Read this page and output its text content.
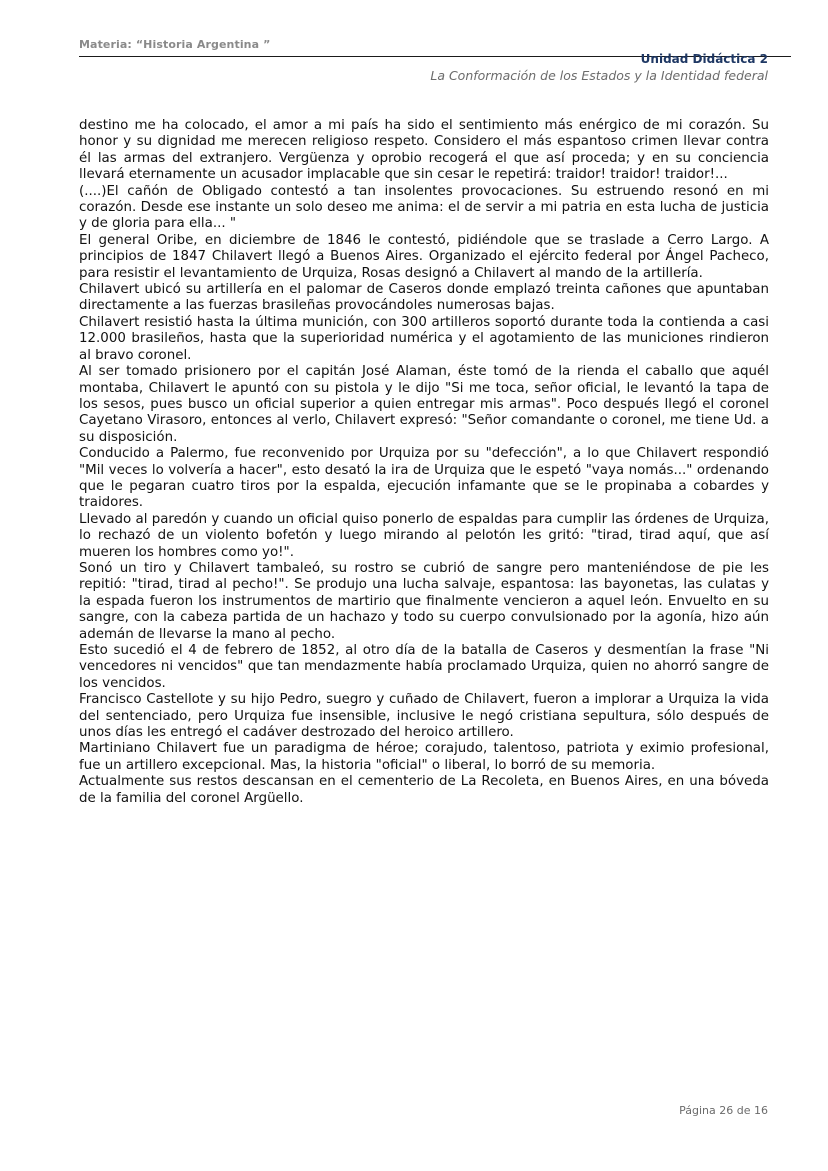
Materia: “Historia Argentina ”
Unidad Didáctica 2
La Conformación de los Estados y la Identidad federal

destino me ha colocado, el amor a mi país ha sido el sentimiento más enérgico de mi corazón. Su honor y su dignidad me merecen religioso respeto. Considero el más espantoso crimen llevar contra él las armas del extranjero. Vergüenza y oprobio recogerá el que así proceda; y en su conciencia llevará eternamente un acusador implacable que sin cesar le repetirá: traidor! traidor! traidor!...

(....)El cañón de Obligado contestó a tan insolentes provocaciones. Su estruendo resonó en mi corazón. Desde ese instante un solo deseo me anima: el de servir a mi patria en esta lucha de justicia y de gloria para ella... "

El general Oribe, en diciembre de 1846 le contestó, pidiéndole que se traslade a Cerro Largo. A principios de 1847 Chilavert llegó a Buenos Aires. Organizado el ejército federal por Ángel Pacheco, para resistir el levantamiento de Urquiza, Rosas designó a Chilavert al mando de la artillería.

Chilavert ubicó su artillería en el palomar de Caseros donde emplazó treinta cañones que apuntaban directamente a las fuerzas brasileñas provocándoles numerosas bajas.

Chilavert resistió hasta la última munición, con 300 artilleros soportó durante toda la contienda a casi 12.000 brasileños, hasta que la superioridad numérica y el agotamiento de las municiones rindieron al bravo coronel.

Al ser tomado prisionero por el capitán José Alaman, éste tomó de la rienda el caballo que aquél montaba, Chilavert le apuntó con su pistola y le dijo "Si me toca, señor oficial, le levantó la tapa de los sesos, pues busco un oficial superior a quien entregar mis armas". Poco después llegó el coronel Cayetano Virasoro, entonces al verlo, Chilavert expresó: "Señor comandante o coronel, me tiene Ud. a su disposición.

Conducido a Palermo, fue reconvenido por Urquiza por su "defección", a lo que Chilavert respondió "Mil veces lo volvería a hacer", esto desató la ira de Urquiza que le espetó "vaya nomás..." ordenando que le pegaran cuatro tiros por la espalda, ejecución infamante que se le propinaba a cobardes y traidores.

Llevado al paredón y cuando un oficial quiso ponerlo de espaldas para cumplir las órdenes de Urquiza, lo rechazó de un violento bofetón y luego mirando al pelotón les gritó: "tirad, tirad aquí, que así mueren los hombres como yo!".

Sonó un tiro y Chilavert tambaleó, su rostro se cubrió de sangre pero manteniéndose de pie les repitió: "tirad, tirad al pecho!". Se produjo una lucha salvaje, espantosa: las bayonetas, las culatas y la espada fueron los instrumentos de martirio que finalmente vencieron a aquel león. Envuelto en su sangre, con la cabeza partida de un hachazo y todo su cuerpo convulsionado por la agonía, hizo aún ademán de llevarse la mano al pecho.

Esto sucedió el 4 de febrero de 1852, al otro día de la batalla de Caseros y desmentían la frase "Ni vencedores ni vencidos" que tan mendazmente había proclamado Urquiza, quien no ahorró sangre de los vencidos.

Francisco Castellote y su hijo Pedro, suegro y cuñado de Chilavert, fueron a implorar a Urquiza la vida del sentenciado, pero Urquiza fue insensible, inclusive le negó cristiana sepultura, sólo después de unos días les entregó el cadáver destrozado del heroico artillero.

Martiniano Chilavert fue un paradigma de héroe; corajudo, talentoso, patriota y eximio profesional, fue un artillero excepcional. Mas, la historia "oficial" o liberal, lo borró de su memoria.

Actualmente sus restos descansan en el cementerio de La Recoleta, en Buenos Aires, en una bóveda de la familia del coronel Argüello.

Página 26 de 16
